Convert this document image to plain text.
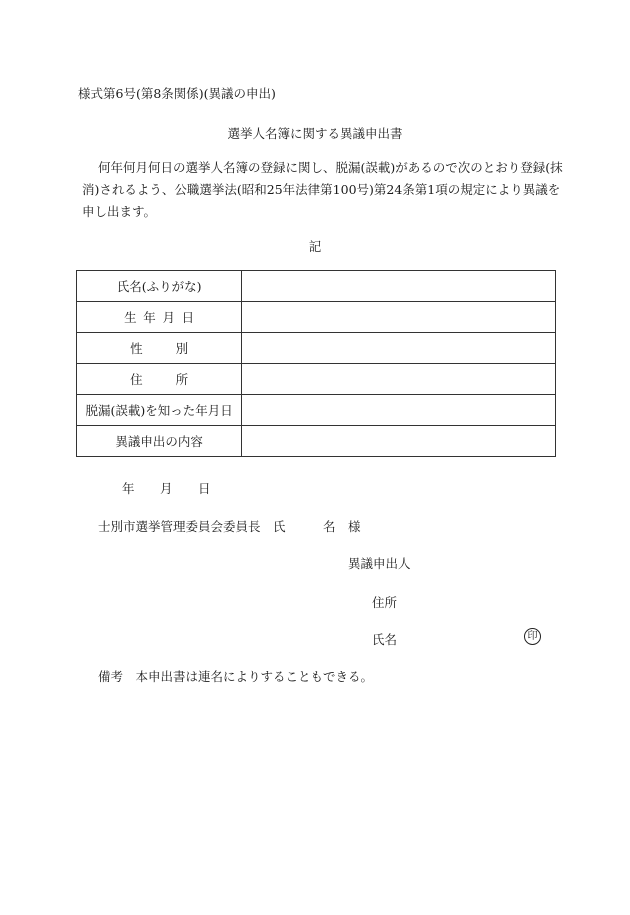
様式第6号(第8条関係)(異議の申出)
選挙人名簿に関する異議申出書
何年何月何日の選挙人名簿の登録に関し、脱漏(誤載)があるので次のとおり登録(抹消)されるよう、公職選挙法(昭和25年法律第100号)第24条第1項の規定により異議を申し出ます。
記
氏名(ふりがな)	
生年月日	
性別	
住所	
脱漏(誤載)を知った年月日	
異議申出の内容	
年 月 日
士別市選挙管理委員会委員長　氏　　　名　様
異議申出人
住所
氏名	印
備考　本申出書は連名によりすることもできる。
